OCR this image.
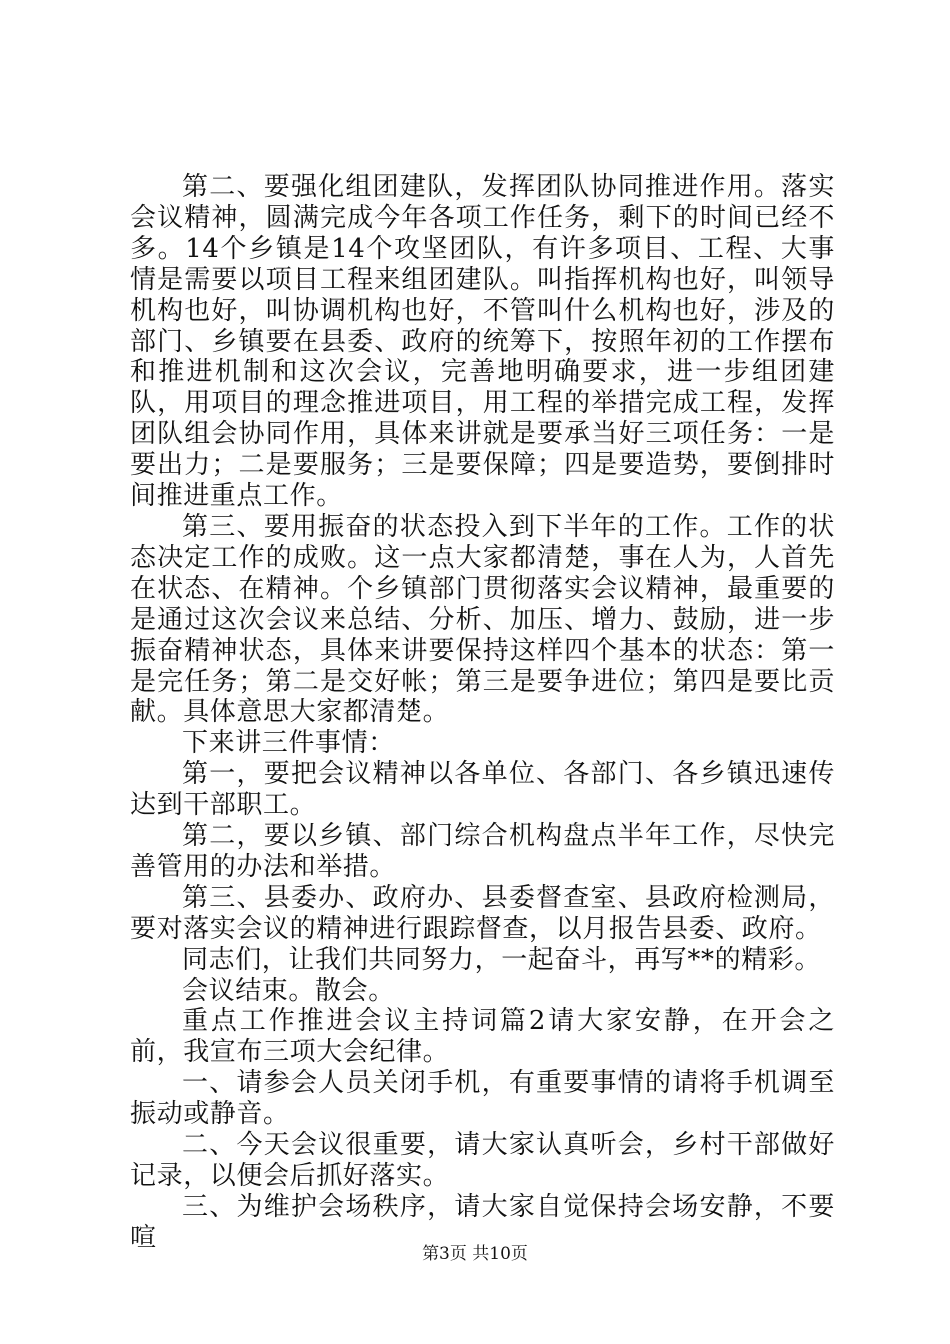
第二、要强化组团建队，发挥团队协同推进作用。落实会议精神，圆满完成今年各项工作任务，剩下的时间已经不多。14个乡镇是14个攻坚团队，有许多项目、工程、大事情是需要以项目工程来组团建队。叫指挥机构也好，叫领导机构也好，叫协调机构也好，不管叫什么机构也好，涉及的部门、乡镇要在县委、政府的统筹下，按照年初的工作摆布和推进机制和这次会议，完善地明确要求，进一步组团建队，用项目的理念推进项目，用工程的举措完成工程，发挥团队组会协同作用，具体来讲就是要承当好三项任务：一是要出力；二是要服务；三是要保障；四是要造势，要倒排时间推进重点工作。

第三、要用振奋的状态投入到下半年的工作。工作的状态决定工作的成败。这一点大家都清楚，事在人为，人首先在状态、在精神。个乡镇部门贯彻落实会议精神，最重要的是通过这次会议来总结、分析、加压、增力、鼓励，进一步振奋精神状态，具体来讲要保持这样四个基本的状态：第一是完任务；第二是交好帐；第三是要争进位；第四是要比贡献。具体意思大家都清楚。

下来讲三件事情：

第一，要把会议精神以各单位、各部门、各乡镇迅速传达到干部职工。

第二，要以乡镇、部门综合机构盘点半年工作，尽快完善管用的办法和举措。

第三、县委办、政府办、县委督查室、县政府检测局，要对落实会议的精神进行跟踪督查，以月报告县委、政府。

同志们，让我们共同努力，一起奋斗，再写**的精彩。

会议结束。散会。

重点工作推进会议主持词篇2请大家安静，在开会之前，我宣布三项大会纪律。

一、请参会人员关闭手机，有重要事情的请将手机调至振动或静音。

二、今天会议很重要，请大家认真听会，乡村干部做好记录，以便会后抓好落实。

三、为维护会场秩序，请大家自觉保持会场安静，不要喧

第3页 共10页
